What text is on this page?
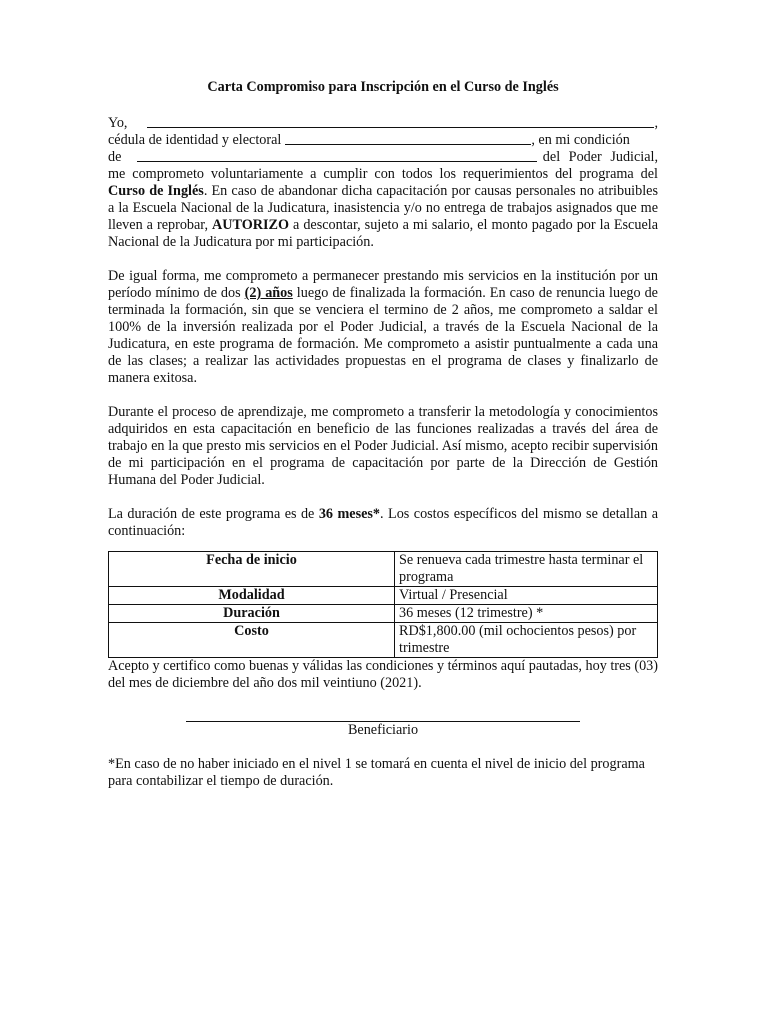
Carta Compromiso para Inscripción en el Curso de Inglés
Yo,	,
cédula de identidad y electoral	, en mi condición
de	del Poder Judicial,

me comprometo voluntariamente a cumplir con todos los requerimientos del programa del Curso de Inglés. En caso de abandonar dicha capacitación por causas personales no atribuibles a la Escuela Nacional de la Judicatura, inasistencia y/o no entrega de trabajos asignados que me lleven a reprobar, AUTORIZO a descontar, sujeto a mi salario, el monto pagado por la Escuela Nacional de la Judicatura por mi participación.

De igual forma, me comprometo a permanecer prestando mis servicios en la institución por un período mínimo de dos (2) años luego de finalizada la formación. En caso de renuncia luego de terminada la formación, sin que se venciera el termino de 2 años, me comprometo a saldar el 100% de la inversión realizada por el Poder Judicial, a través de la Escuela Nacional de la Judicatura, en este programa de formación. Me comprometo a asistir puntualmente a cada una de las clases; a realizar las actividades propuestas en el programa de clases y finalizarlo de manera exitosa.

Durante el proceso de aprendizaje, me comprometo a transferir la metodología y conocimientos adquiridos en esta capacitación en beneficio de las funciones realizadas a través del área de trabajo en la que presto mis servicios en el Poder Judicial. Así mismo, acepto recibir supervisión de mi participación en el programa de capacitación por parte de la Dirección de Gestión Humana del Poder Judicial.

La duración de este programa es de 36 meses*. Los costos específicos del mismo se detallan a continuación:

Fecha de inicio	Se renueva cada trimestre hasta terminar el programa
Modalidad	Virtual / Presencial
Duración	36 meses (12 trimestre) *
Costo	RD$1,800.00 (mil ochocientos pesos) por trimestre

Acepto y certifico como buenas y válidas las condiciones y términos aquí pautadas, hoy tres (03) del mes de diciembre del año dos mil veintiuno (2021).

Beneficiario

*En caso de no haber iniciado en el nivel 1 se tomará en cuenta el nivel de inicio del programa para contabilizar el tiempo de duración.
